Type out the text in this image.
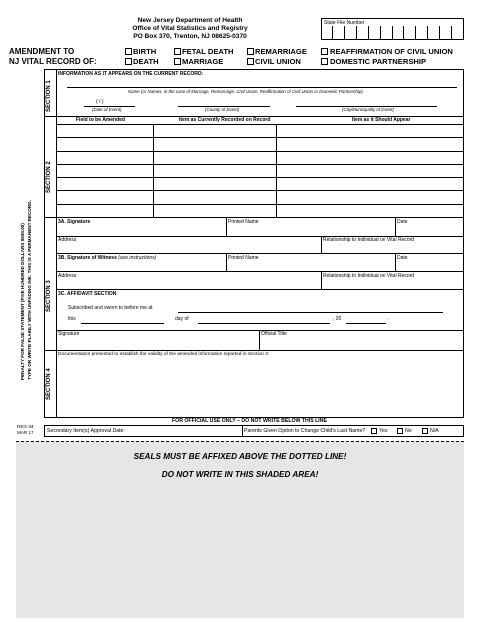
New Jersey Department of Health
Office of Vital Statistics and Registry
PO Box 370, Trenton, NJ 08625-0370
State File Number
AMENDMENT TO
NJ VITAL RECORD OF:
BIRTH	FETAL DEATH	REMARRIAGE	REAFFIRMATION OF CIVIL UNION
DEATH	MARRIAGE	CIVIL UNION	DOMESTIC PARTNERSHIP
PENALTY FOR FALSE STATEMENT (FIVE HUNDRED DOLLARS $500.00) TYPE OR WRITE PLAINLY WITH UNFADING INK. THIS IS A PERMANENT RECORD.
SECTION 1
SECTION 2
SECTION 3
SECTION 4
INFORMATION AS IT APPEARS ON THE CURRENT RECORD:
Name (or Names, in the case of Marriage, Remarriage, Civil Union, Reaffirmation of Civil Union or Domestic Partnership)
( / )
(Date of Event)	(County of Event)	(City/Municipality of Event)
Field to be Amended	Item as Currently Recorded on Record	Item as it Should Appear
3A. Signature	Printed Name	Date
Address	Relationship to Individual on Vital Record
3B. Signature of Witness (see instructions)	Printed Name	Date
Address	Relationship to Individual on Vital Record
3C. AFFIDAVIT SECTION
Subscribed and sworn to before me at
this	day of	, 20	.
Signature	Official Title
Documentation presented to establish the validity of the amended information reported in Section 2:
FOR OFFICIAL USE ONLY – DO NOT WRITE BELOW THIS LINE
Secondary Item(s) Approval Date:	Parents Given Option to Change Child's Last Name?	Yes	No	N/A
REG-34
MAR 17
SEALS MUST BE AFFIXED ABOVE THE DOTTED LINE!
DO NOT WRITE IN THIS SHADED AREA!
